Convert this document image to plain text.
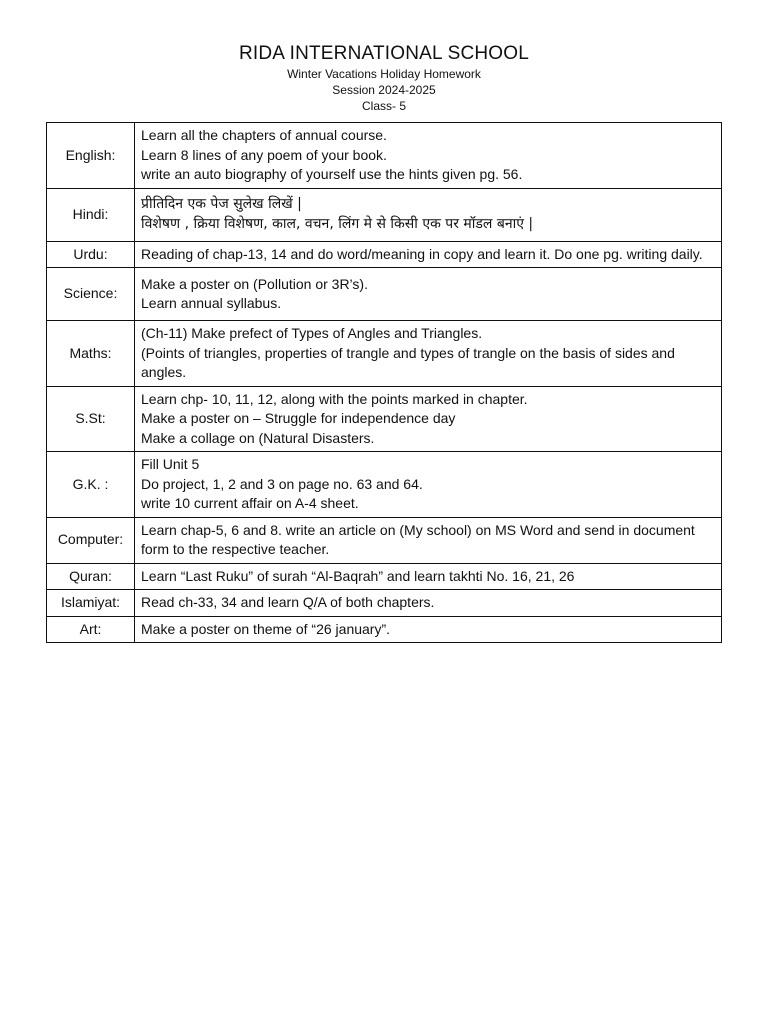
RIDA INTERNATIONAL SCHOOL
Winter Vacations Holiday Homework
Session 2024-2025
Class- 5
English:	Learn all the chapters of annual course.
Learn 8 lines of any poem of your book.
write an auto biography of yourself use the hints given pg. 56.

Hindi:	प्रीतिदिन एक पेज सुलेख लिखें |
विशेषण , क्रिया विशेषण, काल, वचन, लिंग मे से किसी एक पर मॉडल बनाएं |

Urdu:	Reading of chap-13, 14 and do word/meaning in copy and learn it. Do one pg. writing daily.

Science:	Make a poster on (Pollution or 3R’s).
Learn annual syllabus.

Maths:	(Ch-11) Make prefect of Types of Angles and Triangles.
(Points of triangles, properties of trangle and types of trangle on the basis of sides and angles.

S.St:	Learn chp- 10, 11, 12, along with the points marked in chapter.
Make a poster on – Struggle for independence day
Make a collage on (Natural Disasters.

G.K. :	Fill Unit 5
Do project, 1, 2 and 3 on page no. 63 and 64.
write 10 current affair on A-4 sheet.

Computer:	Learn chap-5, 6 and 8. write an article on (My school) on MS Word and send in document form to the respective teacher.

Quran:	Learn “Last Ruku” of surah “Al-Baqrah” and learn takhti No. 16, 21, 26

Islamiyat:	Read ch-33, 34 and learn Q/A of both chapters.

Art:	Make a poster on theme of “26 january”.
